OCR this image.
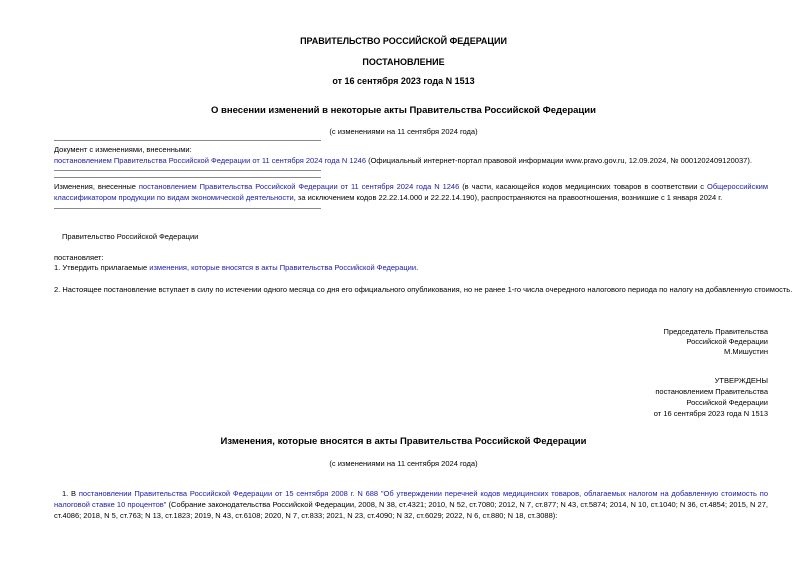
ПРАВИТЕЛЬСТВО РОССИЙСКОЙ ФЕДЕРАЦИИ
ПОСТАНОВЛЕНИЕ
от 16 сентября 2023 года N 1513
О внесении изменений в некоторые акты Правительства Российской Федерации
(с изменениями на 11 сентября 2024 года)
Документ с изменениями, внесенными:
постановлением Правительства Российской Федерации от 11 сентября 2024 года N 1246 (Официальный интернет-портал правовой информации www.pravo.gov.ru, 12.09.2024, № 0001202409120037).
Изменения, внесенные постановлением Правительства Российской Федерации от 11 сентября 2024 года N 1246 (в части, касающейся кодов медицинских товаров в соответствии с Общероссийским классификатором продукции по видам экономической деятельности, за исключением кодов 22.22.14.000 и 22.22.14.190), распространяются на правоотношения, возникшие с 1 января 2024 г.
Правительство Российской Федерации
постановляет:
1. Утвердить прилагаемые изменения, которые вносятся в акты Правительства Российской Федерации.
2. Настоящее постановление вступает в силу по истечении одного месяца со дня его официального опубликования, но не ранее 1-го числа очередного налогового периода по налогу на добавленную стоимость.
Председатель Правительства
Российской Федерации
М.Мишустин
УТВЕРЖДЕНЫ
постановлением Правительства
Российской Федерации
от 16 сентября 2023 года N 1513
Изменения, которые вносятся в акты Правительства Российской Федерации
(с изменениями на 11 сентября 2024 года)
1. В постановлении Правительства Российской Федерации от 15 сентября 2008 г. N 688 "Об утверждении перечней кодов медицинских товаров, облагаемых налогом на добавленную стоимость по налоговой ставке 10 процентов" (Собрание законодательства Российской Федерации, 2008, N 38, ст.4321; 2010, N 52, ст.7080; 2012, N 7, ст.877; N 43, ст.5874; 2014, N 10, ст.1040; N 36, ст.4854; 2015, N 27, ст.4086; 2018, N 5, ст.763; N 13, ст.1823; 2019, N 43, ст.6108; 2020, N 7, ст.833; 2021, N 23, ст.4090; N 32, ст.6029; 2022, N 6, ст.880; N 18, ст.3088):
